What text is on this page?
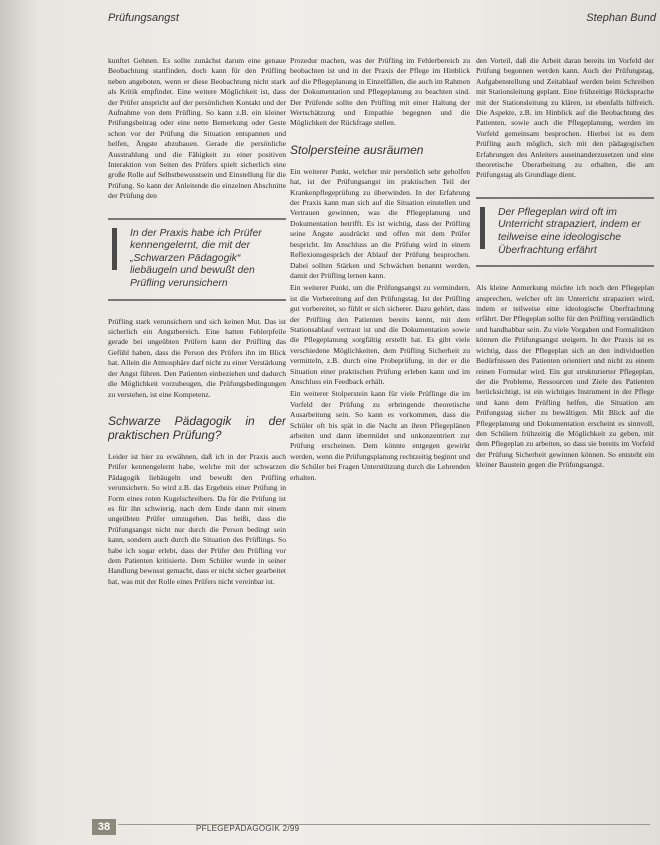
Prüfungsangst	Stephan Bund

kunftet Gehnen. Es sollte zunächst darum eine genaue Beobachtung stattfinden, doch kann für den Prüfling neben angeboten, wenn er diese Beobachtung nicht stark als Kritik empfindet. Eine weitere Möglichkeit ist, dass der Prüfer anspricht auf der persönlichen Kontakt und der Aufnahme von dem Prüfling. So kann z.B. ein kleiner Prüfungsbeitrag oder eine nette Bemerkung oder Geste schon vor der Prüfung die Situation entspannen und helfen, Ängste abzubauen. Gerade die persönliche Ausstrahlung und die Fähigkeit zu einer positiven Interaktion von Seiten des Prüfers spielt sicherlich eine große Rolle auf Selbstbewusstsein und Einstellung für die Prüfung. So kann der Anleitende die einzelnen Abschnitte der Prüfung den

In der Praxis habe ich Prüfer kennengelernt, die mit der „Schwarzen Pädagogik“ liebäugeln und bewußt den Prüfling verunsichern

Prüfling stark verunsichern und sich keinen Mut. Das ist sicherlich ein Angstbereich. Eine hatten Fehlerpfeile gerade bei ungeübten Prüfern kann der Prüfling das Gefühl haben, dass die Person des Prüfers ihn im Blick hat. Allein die Atmosphäre darf nicht zu einer Verstärkung der Angst führen. Den Patienten einbeziehen und dadurch die Möglichkeit vorzubeugen, die Prüfungsbedingungen zu verstehen, ist eine Kompetenz.

Schwarze Pädagogik in der praktischen Prüfung?

Leider ist hier zu erwähnen, daß ich in der Praxis auch Prüfer kennengelernt habe, welche mit der schwarzen Pädagogik liebäugeln und bewußt den Prüfling verunsichern. So wird z.B. das Ergebnis einer Prüfung in Form eines roten Kugelschreibers. Da für die Prüfung ist es für ihn schwierig, nach dem Ende dann mit einem ungeübten Prüfer umzugehen. Das heißt, dass die Prüfungsangst nicht nur durch die Person bedingt sein kann, sondern auch durch die Situation des Prüflings. So habe ich sogar erlebt, dass der Prüfer den Prüfling vor dem Patienten kritisierte. Dem Schüler wurde in seiner Handlung bewusst gemacht, dass er nicht sicher gearbeitet hat, was mit der Rolle eines Prüfers nicht vereinbar ist.

Prozedur machen, was der Prüfling im Fehlerbereich zu beobachten ist und in der Praxis der Pflege im Hinblick auf die Pflegeplanung in Einzelfällen, die auch im Rahmen der Dokumentation und Pflegeplanung zu beachten sind. Der Prüfende sollte den Prüfling mit einer Haltung der Wertschätzung und Empathie begegnen und die Möglichkeit der Rückfrage stellen.

Stolpersteine ausräumen

Ein weiterer Punkt, welcher mir persönlich sehr geholfen hat, ist der Prüfungsangst im praktischen Teil der Krankenpflegeprüfung zu überwinden. In der Erfahrung der Praxis kann man sich auf die Situation einstellen und Vertrauen gewinnen, was die Pflegeplanung und Dokumentation betrifft. Es ist wichtig, dass der Prüfling seine Ängste ausdrückt und offen mit dem Prüfer bespricht. Im Anschluss an die Prüfung wird in einem Reflexionsgespräch der Ablauf der Prüfung besprochen. Dabei sollten Stärken und Schwächen benannt werden, damit der Prüfling lernen kann.

Ein weiterer Punkt, um die Prüfungsangst zu vermindern, ist die Vorbereitung auf den Prüfungstag. Ist der Prüfling gut vorbereitet, so fühlt er sich sicherer. Dazu gehört, dass der Prüfling den Patienten bereits kennt, mit dem Stationsablauf vertraut ist und die Dokumentation sowie die Pflegeplanung sorgfältig erstellt hat. Es gibt viele verschiedene Möglichkeiten, dem Prüfling Sicherheit zu vermitteln, z.B. durch eine Probeprüfung, in der er die Situation einer praktischen Prüfung erleben kann und im Anschluss ein Feedback erhält.

Ein weiterer Stolperstein kann für viele Prüflinge die im Vorfeld der Prüfung zu erbringende theoretische Ausarbeitung sein. So kann es vorkommen, dass die Schüler oft bis spät in die Nacht an ihren Pflegeplänen arbeiten und dann übermüdet und unkonzentriert zur Prüfung erscheinen. Dem könnte entgegen gewirkt werden, wenn die Prüfungsplanung rechtzeitig beginnt und die Schüler bei Fragen Unterstützung durch die Lehrenden erhalten.

den Vorteil, daß die Arbeit daran bereits im Vorfeld der Prüfung begonnen werden kann. Auch der Prüfungstag, Aufgabenstellung und Zeitablauf werden beim Schreiben mit Stationsleitung geplant. Eine frühzeitige Rücksprache mit der Stationsleitung zu klären, ist ebenfalls hilfreich. Die Aspekte, z.B. im Hinblick auf die Beobachtung des Patienten, sowie auch die Pflegeplanung, werden im Vorfeld gemeinsam besprochen. Hierbei ist es dem Prüfling auch möglich, sich mit den pädagogischen Erfahrungen des Anleiters auseinanderzusetzen und eine theoretische Überarbeitung zu erhalten, die am Prüfungstag als Grundlage dient.

Der Pflegeplan wird oft im Unterricht strapaziert, indem er teilweise eine ideologische Überfrachtung erfährt

Als kleine Anmerkung möchte ich noch den Pflegeplan ansprechen, welcher oft im Unterricht strapaziert wird, indem er teilweise eine ideologische Überfrachtung erfährt. Der Pflegeplan sollte für den Prüfling verständlich und handhabbar sein. Zu viele Vorgaben und Formalitäten können die Prüfungsangst steigern. In der Praxis ist es wichtig, dass der Pflegeplan sich an den individuellen Bedürfnissen des Patienten orientiert und nicht zu einem reinen Formular wird. Ein gut strukturierter Pflegeplan, der die Probleme, Ressourcen und Ziele des Patienten berücksichtigt, ist ein wichtiges Instrument in der Pflege und kann dem Prüfling helfen, die Situation am Prüfungstag sicher zu bewältigen. Mit Blick auf die Pflegeplanung und Dokumentation erscheint es sinnvoll, den Schülern frühzeitig die Möglichkeit zu geben, mit dem Pflegeplan zu arbeiten, so dass sie bereits im Vorfeld der Prüfung Sicherheit gewinnen können. So entsteht ein kleiner Baustein gegen die Prüfungsangst.

38	PFLEGEPÄDAGOGIK 2/99
